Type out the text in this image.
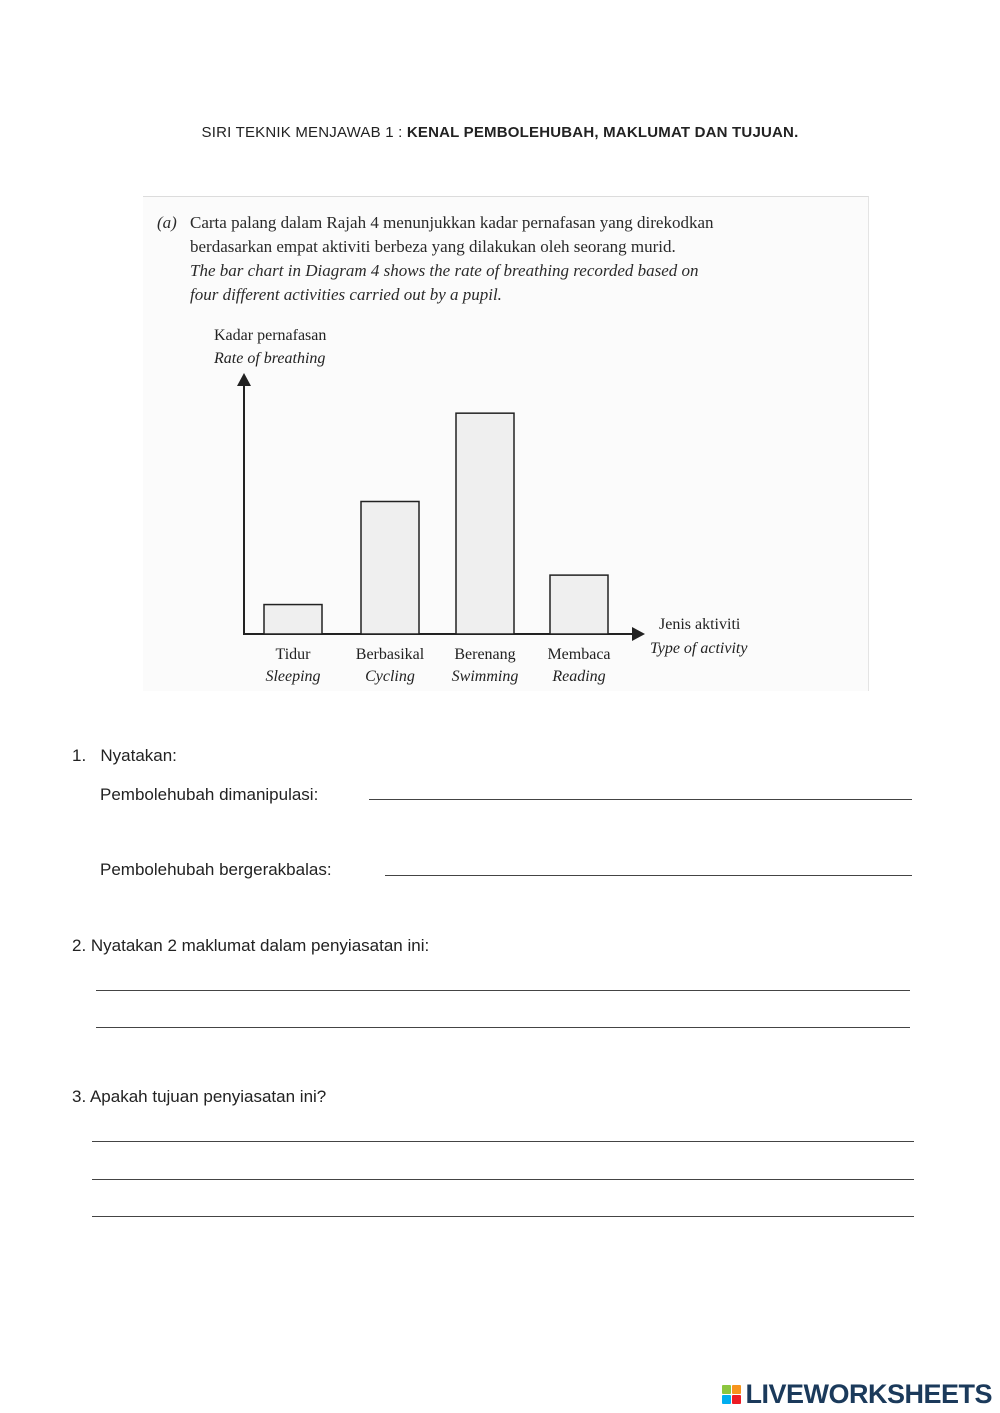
SIRI TEKNIK MENJAWAB 1 : KENAL PEMBOLEHUBAH, MAKLUMAT DAN TUJUAN.
(a) Carta palang dalam Rajah 4 menunjukkan kadar pernafasan yang direkodkan
berdasarkan empat aktiviti berbeza yang dilakukan oleh seorang murid.
The bar chart in Diagram 4 shows the rate of breathing recorded based on
four different activities carried out by a pupil.
Kadar pernafasan
Rate of breathing
Tidur
Sleeping
Berbasikal
Cycling
Berenang
Swimming
Membaca
Reading
Jenis aktiviti
Type of activity
1. Nyatakan:
Pembolehubah dimanipulasi:
Pembolehubah bergerakbalas:
2. Nyatakan 2 maklumat dalam penyiasatan ini:
3. Apakah tujuan penyiasatan ini?
LIVEWORKSHEETS
